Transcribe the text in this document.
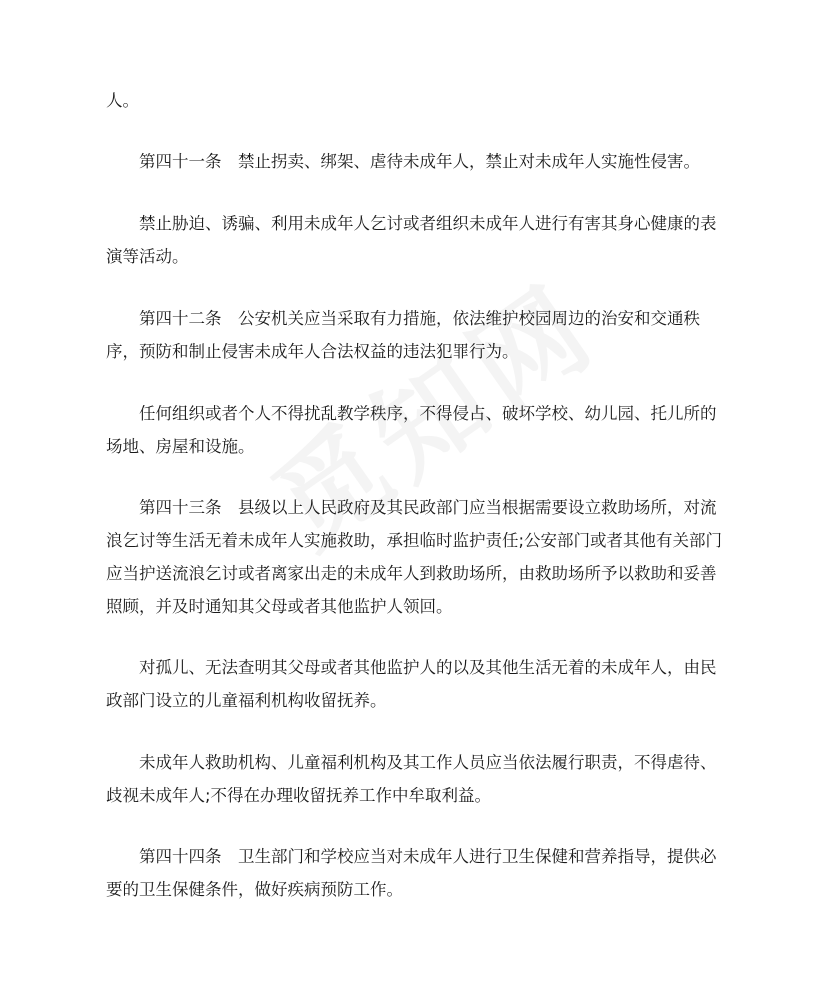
人。

第四十一条　禁止拐卖、绑架、虐待未成年人，禁止对未成年人实施性侵害。

禁止胁迫、诱骗、利用未成年人乞讨或者组织未成年人进行有害其身心健康的表演等活动。

第四十二条　公安机关应当采取有力措施，依法维护校园周边的治安和交通秩序，预防和制止侵害未成年人合法权益的违法犯罪行为。

任何组织或者个人不得扰乱教学秩序，不得侵占、破坏学校、幼儿园、托儿所的场地、房屋和设施。

第四十三条　县级以上人民政府及其民政部门应当根据需要设立救助场所，对流浪乞讨等生活无着未成年人实施救助，承担临时监护责任;公安部门或者其他有关部门应当护送流浪乞讨或者离家出走的未成年人到救助场所，由救助场所予以救助和妥善照顾，并及时通知其父母或者其他监护人领回。

对孤儿、无法查明其父母或者其他监护人的以及其他生活无着的未成年人，由民政部门设立的儿童福利机构收留抚养。

未成年人救助机构、儿童福利机构及其工作人员应当依法履行职责，不得虐待、歧视未成年人;不得在办理收留抚养工作中牟取利益。

第四十四条　卫生部门和学校应当对未成年人进行卫生保健和营养指导，提供必要的卫生保健条件，做好疾病预防工作。
